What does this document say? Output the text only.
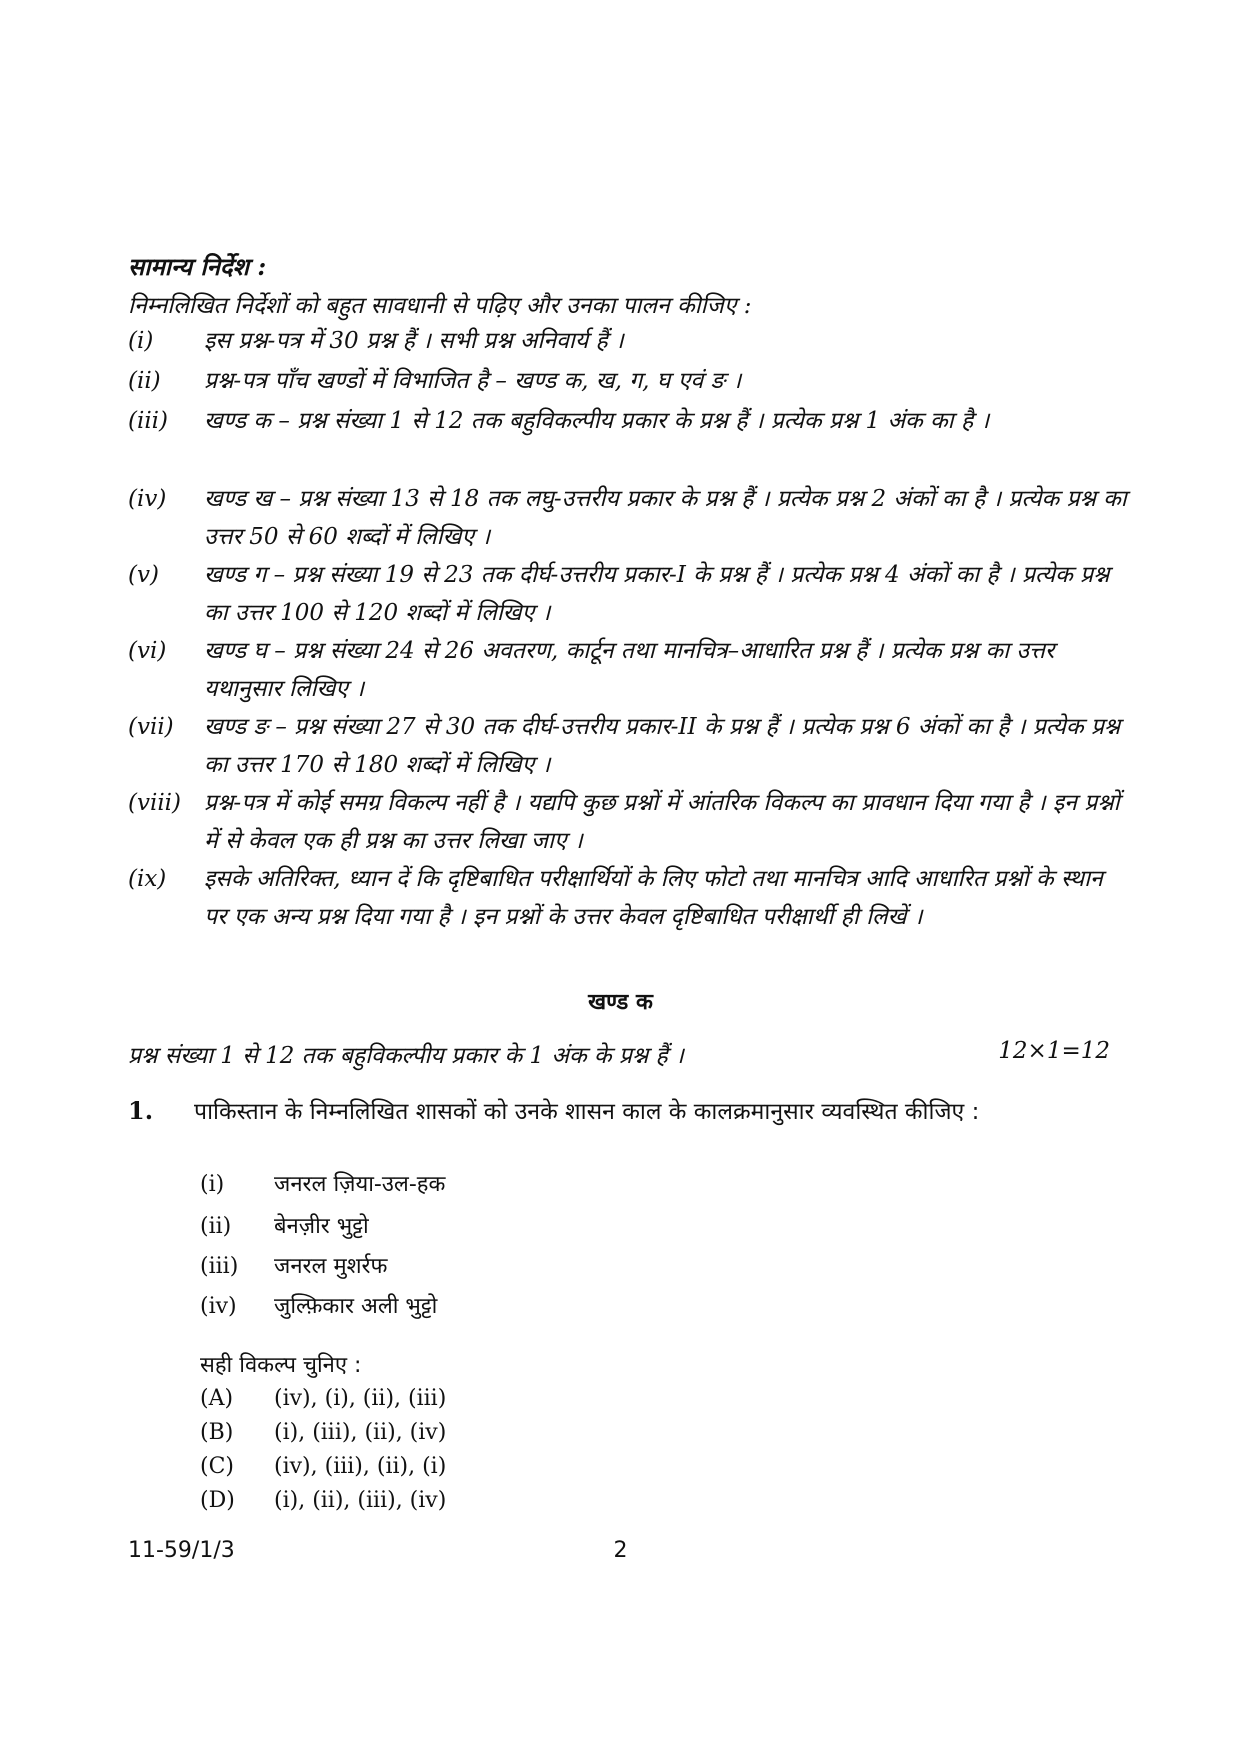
सामान्य निर्देश :
निम्नलिखित निर्देशों को बहुत सावधानी से पढ़िए और उनका पालन कीजिए :
(i) इस प्रश्न-पत्र में 30 प्रश्न हैं । सभी प्रश्न अनिवार्य हैं ।
(ii) प्रश्न-पत्र पाँच खण्डों में विभाजित है – खण्ड क, ख, ग, घ एवं ङ ।
(iii) खण्ड क – प्रश्न संख्या 1 से 12 तक बहुविकल्पीय प्रकार के प्रश्न हैं । प्रत्येक प्रश्न 1 अंक का है ।
(iv) खण्ड ख – प्रश्न संख्या 13 से 18 तक लघु-उत्तरीय प्रकार के प्रश्न हैं । प्रत्येक प्रश्न 2 अंकों का है । प्रत्येक प्रश्न का उत्तर 50 से 60 शब्दों में लिखिए ।
(v) खण्ड ग – प्रश्न संख्या 19 से 23 तक दीर्घ-उत्तरीय प्रकार-I के प्रश्न हैं । प्रत्येक प्रश्न 4 अंकों का है । प्रत्येक प्रश्न का उत्तर 100 से 120 शब्दों में लिखिए ।
(vi) खण्ड घ – प्रश्न संख्या 24 से 26 अवतरण, कार्टून तथा मानचित्र–आधारित प्रश्न हैं । प्रत्येक प्रश्न का उत्तर यथानुसार लिखिए ।
(vii) खण्ड ङ – प्रश्न संख्या 27 से 30 तक दीर्घ-उत्तरीय प्रकार-II के प्रश्न हैं । प्रत्येक प्रश्न 6 अंकों का है । प्रत्येक प्रश्न का उत्तर 170 से 180 शब्दों में लिखिए ।
(viii) प्रश्न-पत्र में कोई समग्र विकल्प नहीं है । यद्यपि कुछ प्रश्नों में आंतरिक विकल्प का प्रावधान दिया गया है । इन प्रश्नों में से केवल एक ही प्रश्न का उत्तर लिखा जाए ।
(ix) इसके अतिरिक्त, ध्यान दें कि दृष्टिबाधित परीक्षार्थियों के लिए फोटो तथा मानचित्र आदि आधारित प्रश्नों के स्थान पर एक अन्य प्रश्न दिया गया है । इन प्रश्नों के उत्तर केवल दृष्टिबाधित परीक्षार्थी ही लिखें ।
खण्ड क
प्रश्न संख्या 1 से 12 तक बहुविकल्पीय प्रकार के 1 अंक के प्रश्न हैं ।	12×1=12
1. पाकिस्तान के निम्नलिखित शासकों को उनके शासन काल के कालक्रमानुसार व्यवस्थित कीजिए :
(i) जनरल ज़िया-उल-हक
(ii) बेनज़ीर भुट्टो
(iii) जनरल मुशर्रफ
(iv) जुल्फ़िकार अली भुट्टो
सही विकल्प चुनिए :
(A) (iv), (i), (ii), (iii)
(B) (i), (iii), (ii), (iv)
(C) (iv), (iii), (ii), (i)
(D) (i), (ii), (iii), (iv)
11-59/1/3	2
